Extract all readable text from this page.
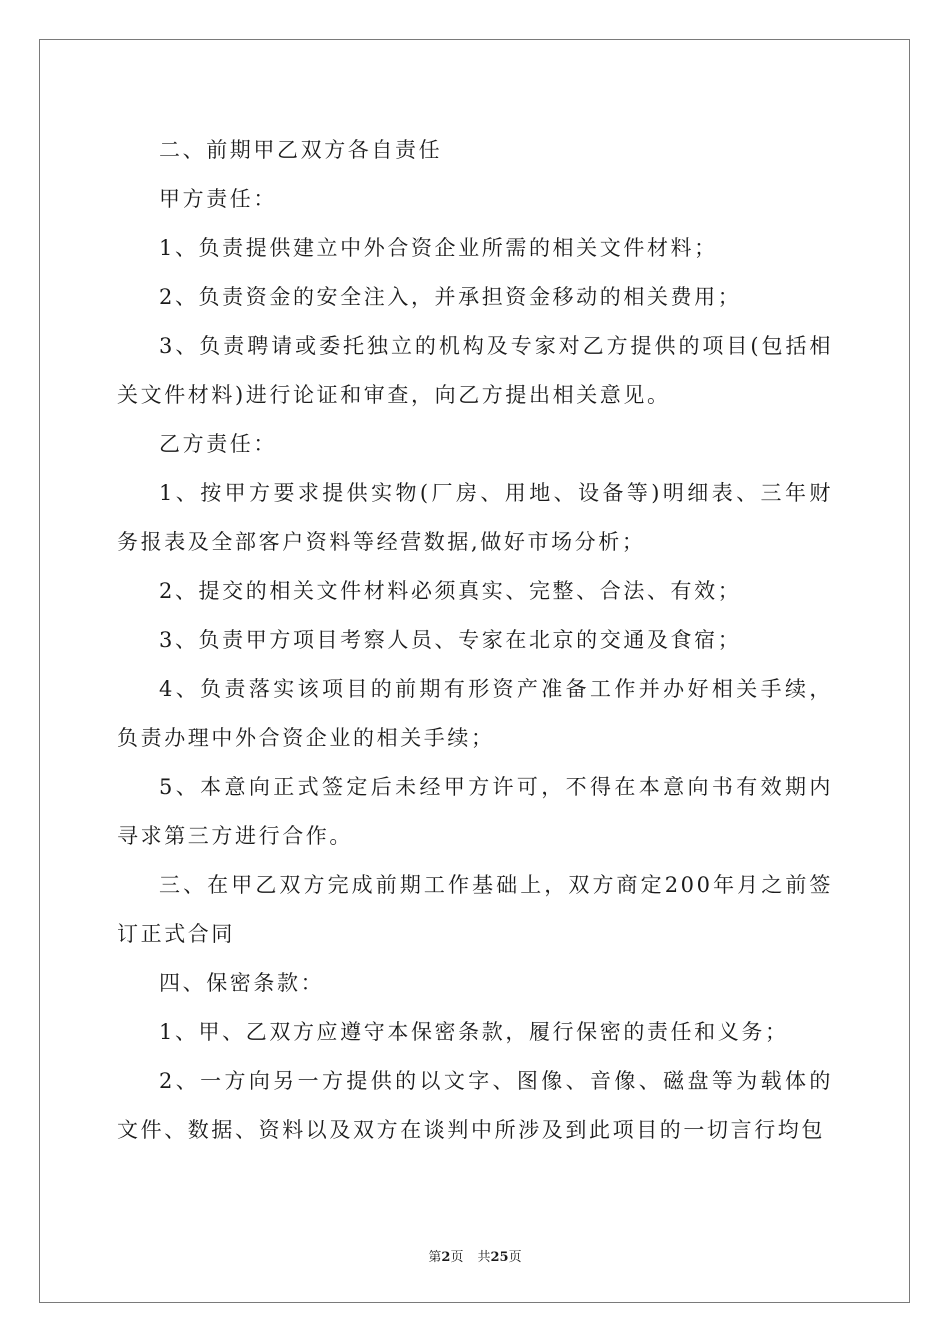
二、前期甲乙双方各自责任

甲方责任：

1、负责提供建立中外合资企业所需的相关文件材料；

2、负责资金的安全注入，并承担资金移动的相关费用；

3、负责聘请或委托独立的机构及专家对乙方提供的项目(包括相关文件材料)进行论证和审查，向乙方提出相关意见。

乙方责任：

1、按甲方要求提供实物(厂房、用地、设备等)明细表、三年财务报表及全部客户资料等经营数据,做好市场分析；

2、提交的相关文件材料必须真实、完整、合法、有效；

3、负责甲方项目考察人员、专家在北京的交通及食宿；

4、负责落实该项目的前期有形资产准备工作并办好相关手续，负责办理中外合资企业的相关手续；

5、本意向正式签定后未经甲方许可，不得在本意向书有效期内寻求第三方进行合作。

三、在甲乙双方完成前期工作基础上，双方商定200年月之前签订正式合同

四、保密条款：

1、甲、乙双方应遵守本保密条款，履行保密的责任和义务；

2、一方向另一方提供的以文字、图像、音像、磁盘等为载体的文件、数据、资料以及双方在谈判中所涉及到此项目的一切言行均包

第2页 共25页
